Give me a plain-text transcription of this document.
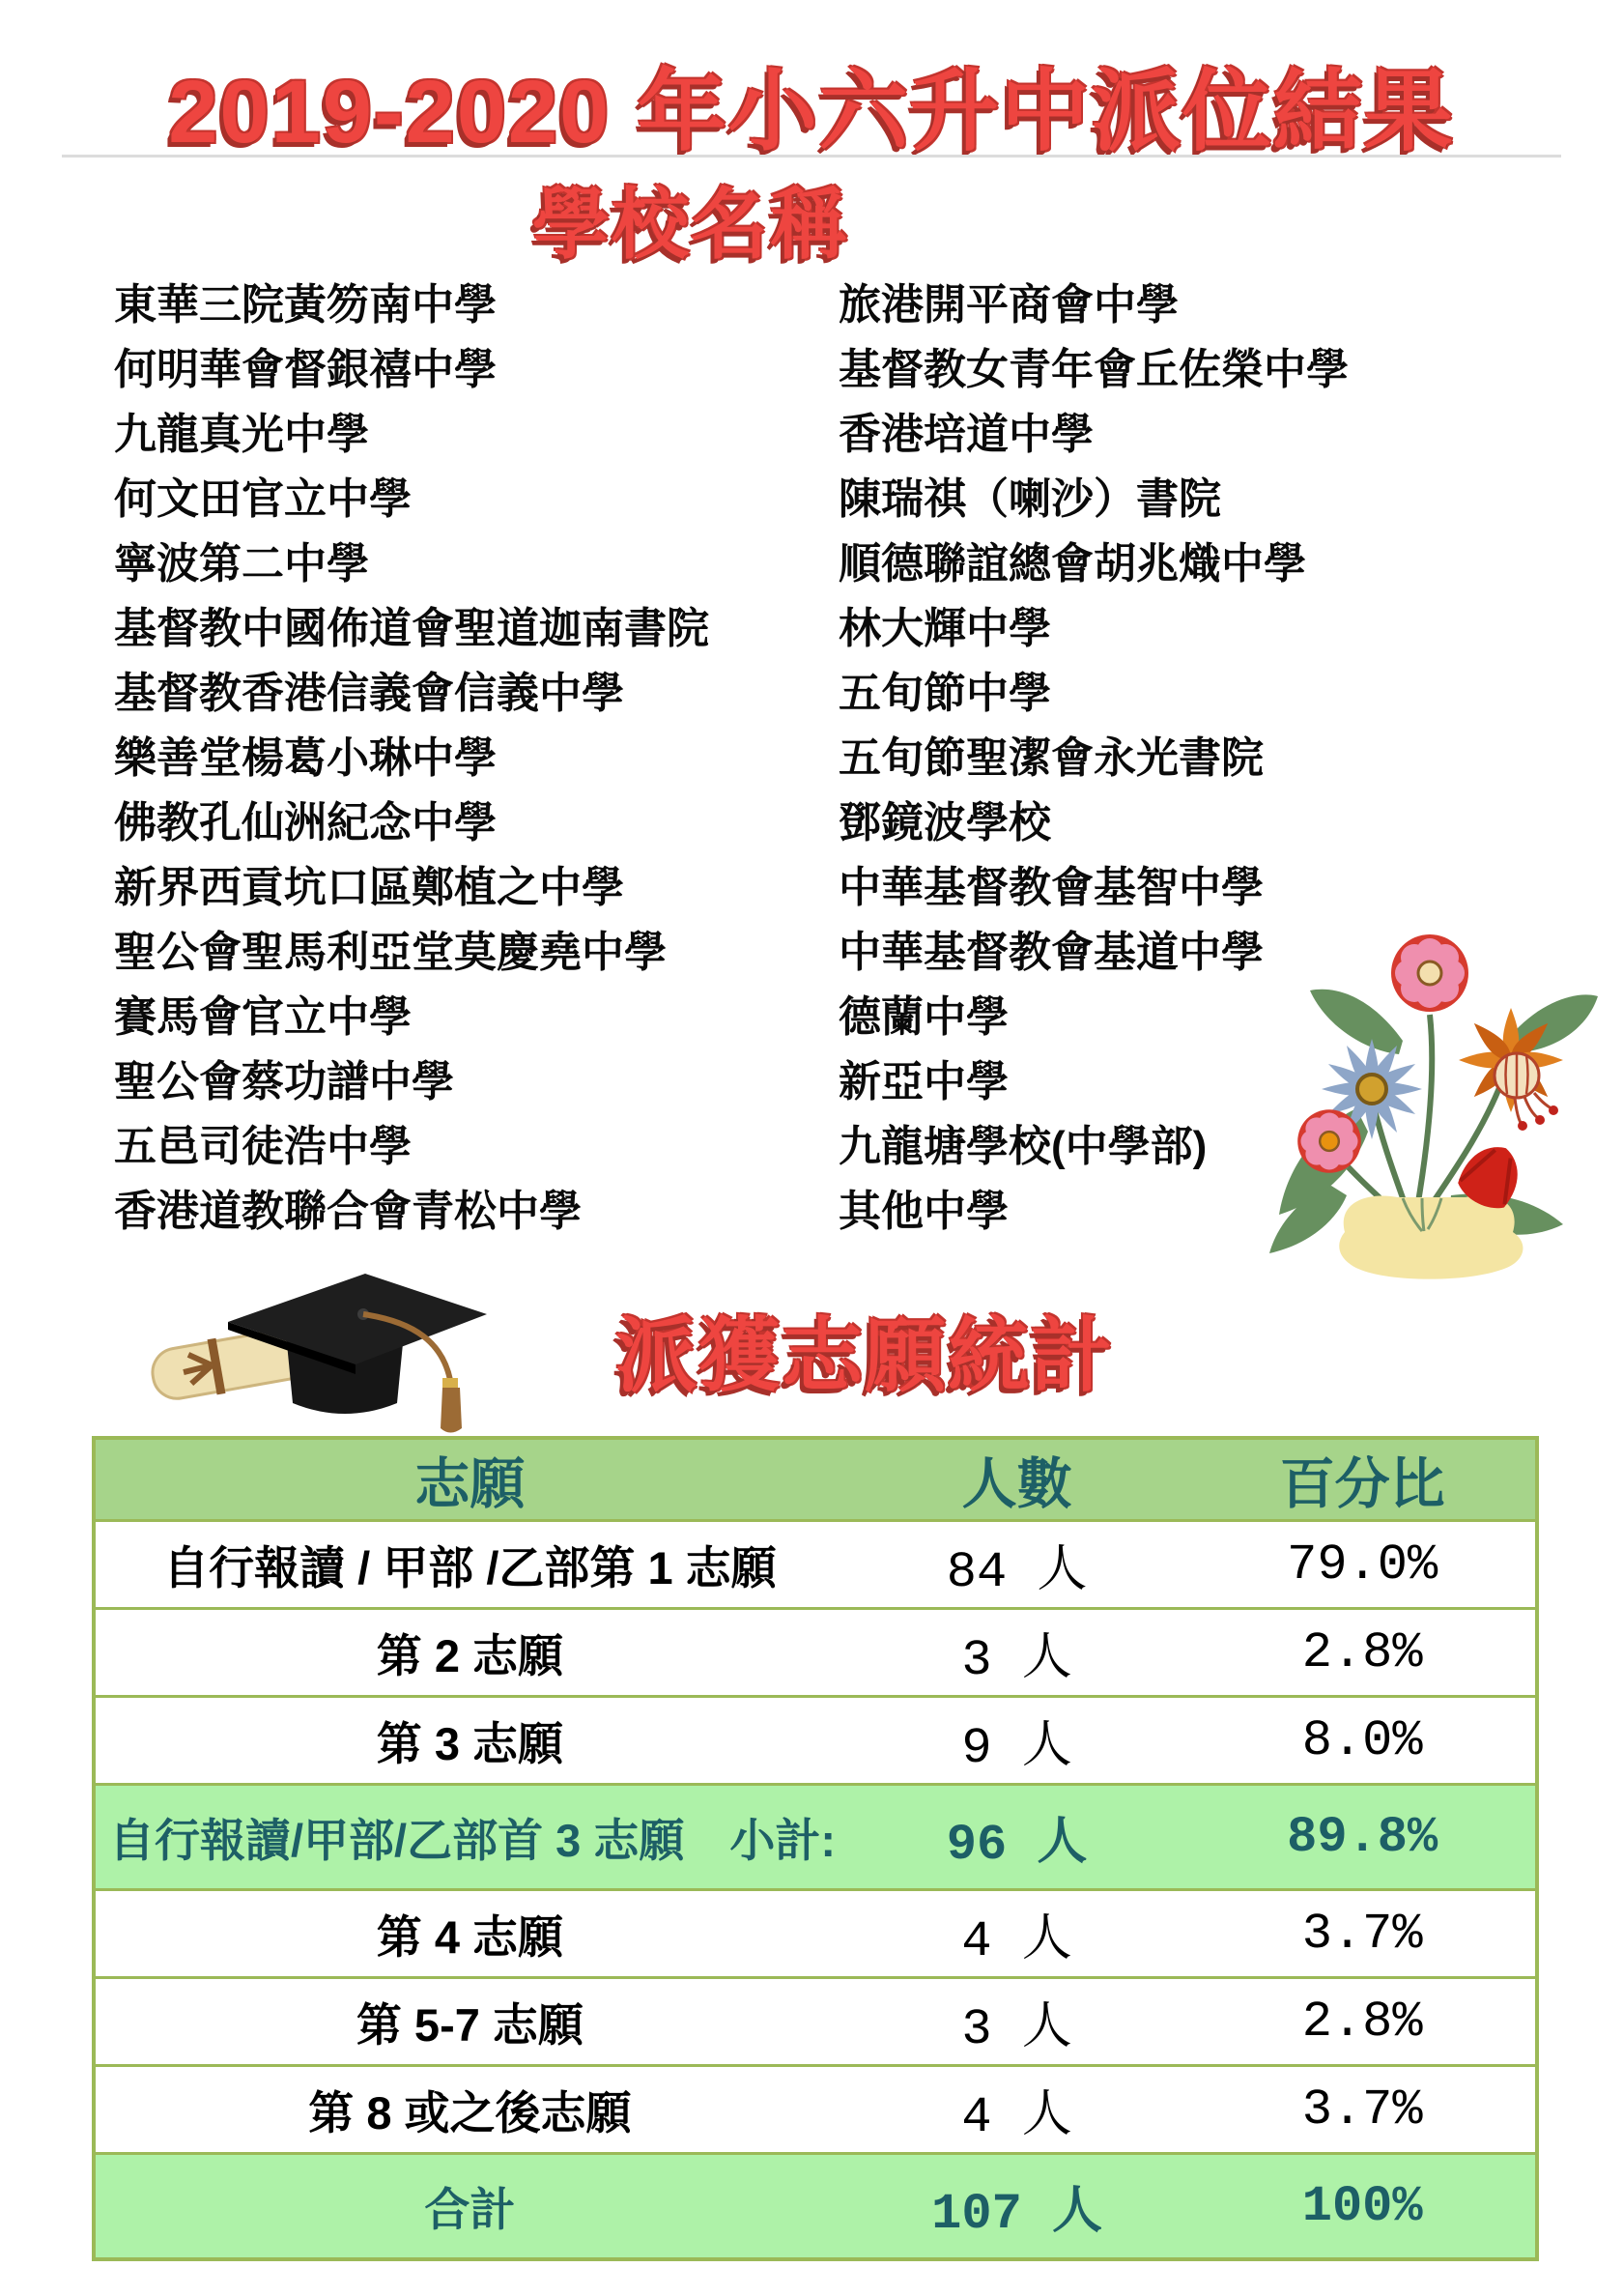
2019-2020 年小六升中派位結果
學校名稱
東華三院黃笏南中學
何明華會督銀禧中學
九龍真光中學
何文田官立中學
寧波第二中學
基督教中國佈道會聖道迦南書院
基督教香港信義會信義中學
樂善堂楊葛小琳中學
佛教孔仙洲紀念中學
新界西貢坑口區鄭植之中學
聖公會聖馬利亞堂莫慶堯中學
賽馬會官立中學
聖公會蔡功譜中學
五邑司徒浩中學
香港道教聯合會青松中學
旅港開平商會中學
基督教女青年會丘佐榮中學
香港培道中學
陳瑞祺（喇沙）書院
順德聯誼總會胡兆熾中學
林大輝中學
五旬節中學
五旬節聖潔會永光書院
鄧鏡波學校
中華基督教會基智中學
中華基督教會基道中學
德蘭中學
新亞中學
九龍塘學校(中學部)
其他中學
派獲志願統計
志願	人數	百分比
自行報讀 / 甲部 /乙部第 1 志願	84 人	79.0%
第 2 志願	3 人	2.8%
第 3 志願	9 人	8.0%
自行報讀/甲部/乙部首 3 志願　小計:	96 人	89.8%
第 4 志願	4 人	3.7%
第 5-7 志願	3 人	2.8%
第 8 或之後志願	4 人	3.7%
合計	107 人	100%
